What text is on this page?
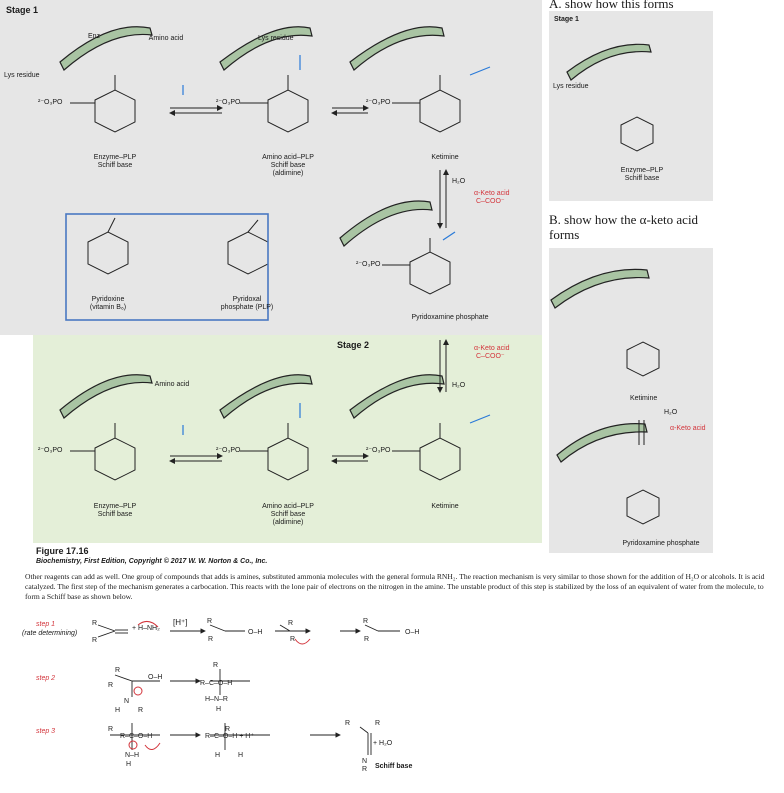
Stage 1
Stage 2
Enz	Amino acid
Lys residue
Lys residue
²⁻O₃PO	²⁻O₃PO	²⁻O₃PO
²⁻O₃PO
²⁻O₃PO	²⁻O₃PO	²⁻O₃PO
Enzyme–PLP
Schiff base
Amino acid–PLP
Schiff base
(aldimine)
Ketimine
H₂O
α-Keto acid
C–COO⁻
Pyridoxine
(vitamin B₆)
Pyridoxal
phosphate (PLP)
Pyridoxamine phosphate
α-Keto acid
C–COO⁻
H₂O
Amino acid
Enzyme–PLP
Schiff base
Amino acid–PLP
Schiff base
(aldimine)
Ketimine
Figure 17.16
Biochemistry, First Edition, Copyright © 2017 W. W. Norton & Co., Inc.
A. show how this forms
Stage 1
Lys residue
Enzyme–PLP
Schiff base
B. show how the α-keto acid forms
Ketimine
H₂O
α-Keto acid
Pyridoxamine phosphate
Other reagents can add as well. One group of compounds that adds is amines, substituted ammonia molecules with the general formula RNH₂. The reaction mechanism is very similar to those shown for the addition of H₂O or alcohols. It is acid catalyzed. The first step of the mechanism generates a carbocation. This reacts with the lone pair of electrons on the nitrogen in the amine. The unstable product of this step is stabilized by the loss of an equivalent of water from the molecule, to form a Schiff base as shown below.
step 1
(rate determining)
step 2
step 3
[H⁺]
+ H–NH₂
+ H₂O
Schiff base
R
R
R
R
O–H
R
R
R
R
O–H
R
R
O–H
N
H	R
R
R–C–O–H
H–N–R
H
R
R–C–O–H
N–H
H
R
R–C–O–H + H⁺
H	H
R	R
N
R
